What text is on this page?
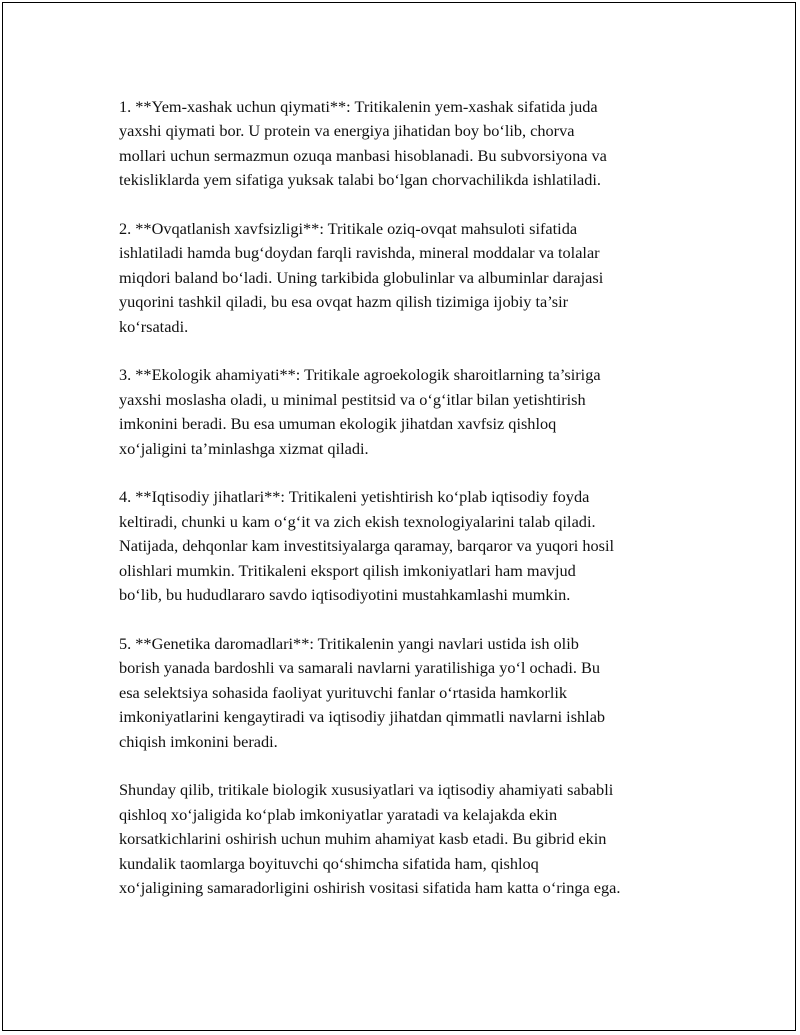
1. **Yem-xashak uchun qiymati**: Tritikalenin yem-xashak sifatida juda
yaxshi qiymati bor. U protein va energiya jihatidan boy bo‘lib, chorva
mollari uchun sermazmun ozuqa manbasi hisoblanadi. Bu subvorsiyona va
tekisliklarda yem sifatiga yuksak talabi bo‘lgan chorvachilikda ishlatiladi.

2. **Ovqatlanish xavfsizligi**: Tritikale oziq-ovqat mahsuloti sifatida
ishlatiladi hamda bug‘doydan farqli ravishda, mineral moddalar va tolalar
miqdori baland bo‘ladi. Uning tarkibida globulinlar va albuminlar darajasi
yuqorini tashkil qiladi, bu esa ovqat hazm qilish tizimiga ijobiy ta’sir
ko‘rsatadi.

3. **Ekologik ahamiyati**: Tritikale agroekologik sharoitlarning ta’siriga
yaxshi moslasha oladi, u minimal pestitsid va o‘g‘itlar bilan yetishtirish
imkonini beradi. Bu esa umuman ekologik jihatdan xavfsiz qishloq
xo‘jaligini ta’minlashga xizmat qiladi.

4. **Iqtisodiy jihatlari**: Tritikaleni yetishtirish ko‘plab iqtisodiy foyda
keltiradi, chunki u kam o‘g‘it va zich ekish texnologiyalarini talab qiladi.
Natijada, dehqonlar kam investitsiyalarga qaramay, barqaror va yuqori hosil
olishlari mumkin. Tritikaleni eksport qilish imkoniyatlari ham mavjud
bo‘lib, bu hududlararo savdo iqtisodiyotini mustahkamlashi mumkin.

5. **Genetika daromadlari**: Tritikalenin yangi navlari ustida ish olib
borish yanada bardoshli va samarali navlarni yaratilishiga yo‘l ochadi. Bu
esa selektsiya sohasida faoliyat yurituvchi fanlar o‘rtasida hamkorlik
imkoniyatlarini kengaytiradi va iqtisodiy jihatdan qimmatli navlarni ishlab
chiqish imkonini beradi.

Shunday qilib, tritikale biologik xususiyatlari va iqtisodiy ahamiyati sababli
qishloq xo‘jaligida ko‘plab imkoniyatlar yaratadi va kelajakda ekin
korsatkichlarini oshirish uchun muhim ahamiyat kasb etadi. Bu gibrid ekin
kundalik taomlarga boyituvchi qo‘shimcha sifatida ham, qishloq
xo‘jaligining samaradorligini oshirish vositasi sifatida ham katta o‘ringa ega.
